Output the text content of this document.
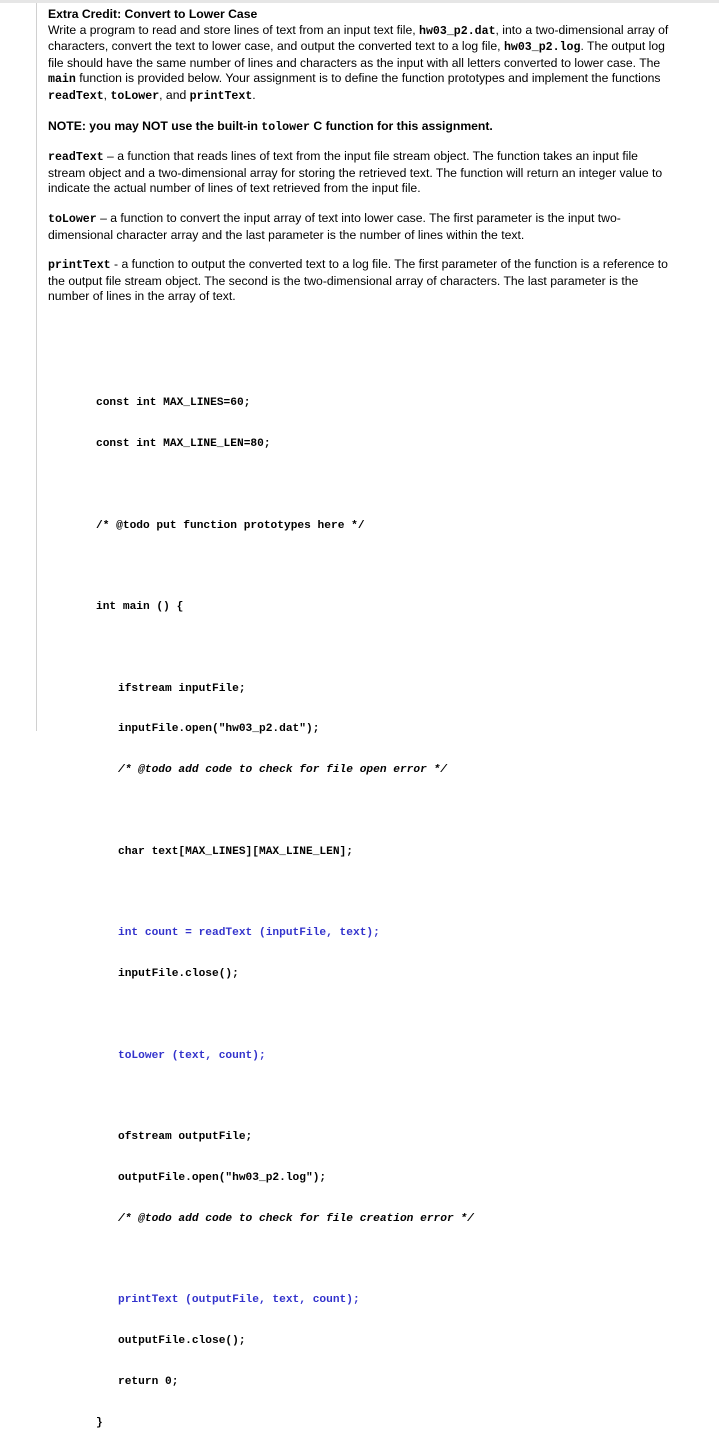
Extra Credit: Convert to Lower Case

Write a program to read and store lines of text from an input text file, hw03_p2.dat, into a two-dimensional array of characters, convert the text to lower case, and output the converted text to a log file, hw03_p2.log. The output log file should have the same number of lines and characters as the input with all letters converted to lower case. The main function is provided below. Your assignment is to define the function prototypes and implement the functions readText, toLower, and printText.

NOTE: you may NOT use the built-in tolower C function for this assignment.

readText – a function that reads lines of text from the input file stream object. The function takes an input file stream object and a two-dimensional array for storing the retrieved text. The function will return an integer value to indicate the actual number of lines of text retrieved from the input file.

toLower – a function to convert the input array of text into lower case. The first parameter is the input two-dimensional character array and the last parameter is the number of lines within the text.

printText - a function to output the converted text to a log file. The first parameter of the function is a reference to the output file stream object. The second is the two-dimensional array of characters. The last parameter is the number of lines in the array of text.

const int MAX_LINES=60;

const int MAX_LINE_LEN=80;

/* @todo put function prototypes here */

int main () {

ifstream inputFile;

inputFile.open("hw03_p2.dat");

/* @todo add code to check for file open error */

char text[MAX_LINES][MAX_LINE_LEN];

int count = readText (inputFile, text);

inputFile.close();

toLower (text, count);

ofstream outputFile;

outputFile.open("hw03_p2.log");

/* @todo add code to check for file creation error */

printText (outputFile, text, count);

outputFile.close();

return 0;

}
